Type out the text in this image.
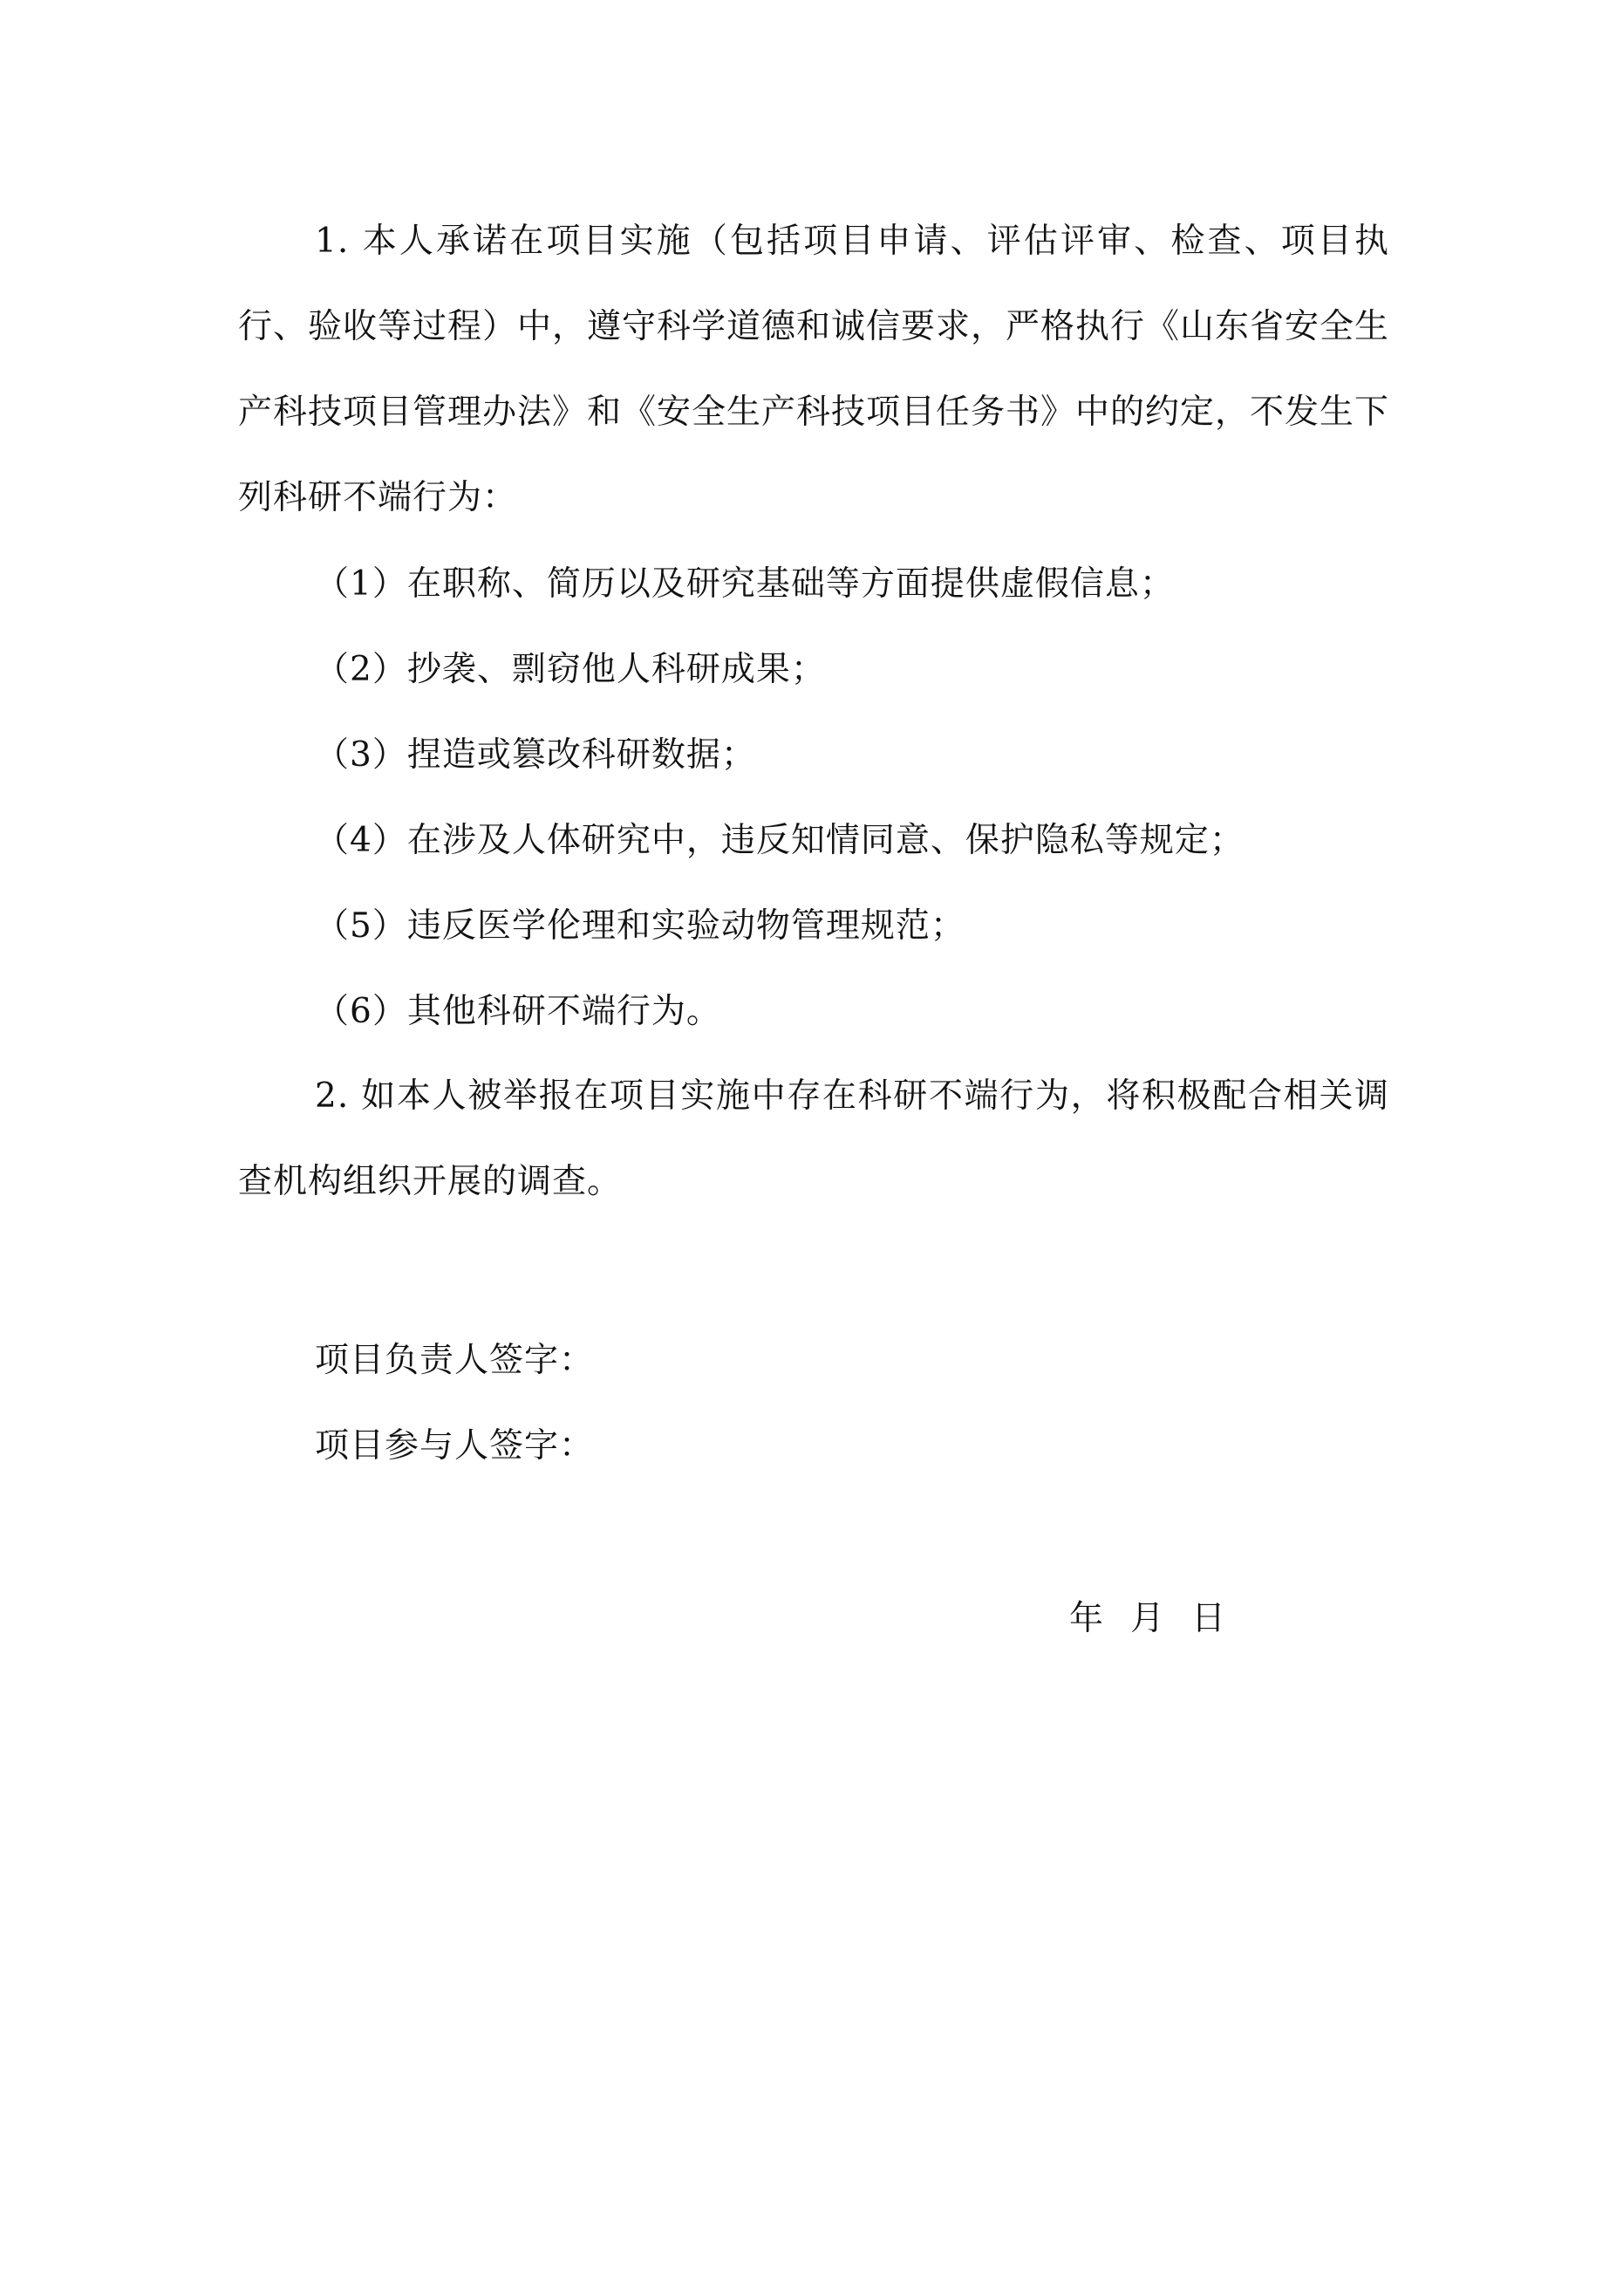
1. 本人承诺在项目实施（包括项目申请、评估评审、检查、项目执行、验收等过程）中，遵守科学道德和诚信要求，严格执行《山东省安全生产科技项目管理办法》和《安全生产科技项目任务书》中的约定，不发生下列科研不端行为：

（1）在职称、简历以及研究基础等方面提供虚假信息；
（2）抄袭、剽窃他人科研成果；
（3）捏造或篡改科研数据；
（4）在涉及人体研究中，违反知情同意、保护隐私等规定；
（5）违反医学伦理和实验动物管理规范；
（6）其他科研不端行为。

2. 如本人被举报在项目实施中存在科研不端行为，将积极配合相关调查机构组织开展的调查。

项目负责人签字：
项目参与人签字：
年 月 日
